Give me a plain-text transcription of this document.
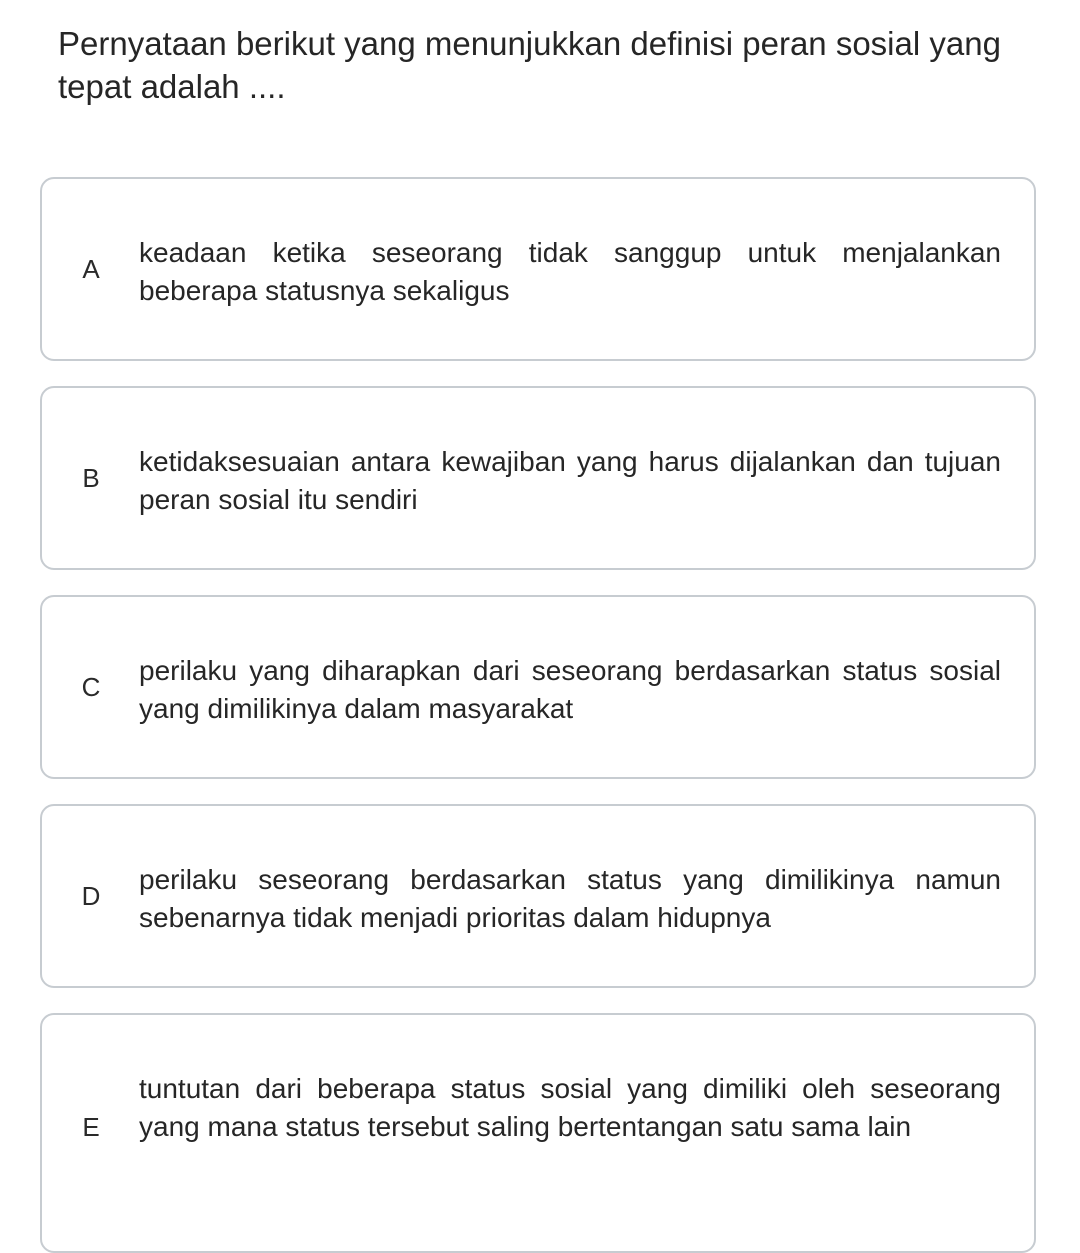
Pernyataan berikut yang menunjukkan definisi peran sosial yang tepat adalah ....
A
keadaan ketika seseorang tidak sanggup untuk menjalankan beberapa statusnya sekaligus
B
ketidaksesuaian antara kewajiban yang harus dijalankan dan tujuan peran sosial itu sendiri
C
perilaku yang diharapkan dari seseorang berdasarkan status sosial yang dimilikinya dalam masyarakat
D
perilaku seseorang berdasarkan status yang dimilikinya namun sebenarnya tidak menjadi prioritas dalam hidupnya
E
tuntutan dari beberapa status sosial yang dimiliki oleh seseorang yang mana status tersebut saling bertentangan satu sama lain
